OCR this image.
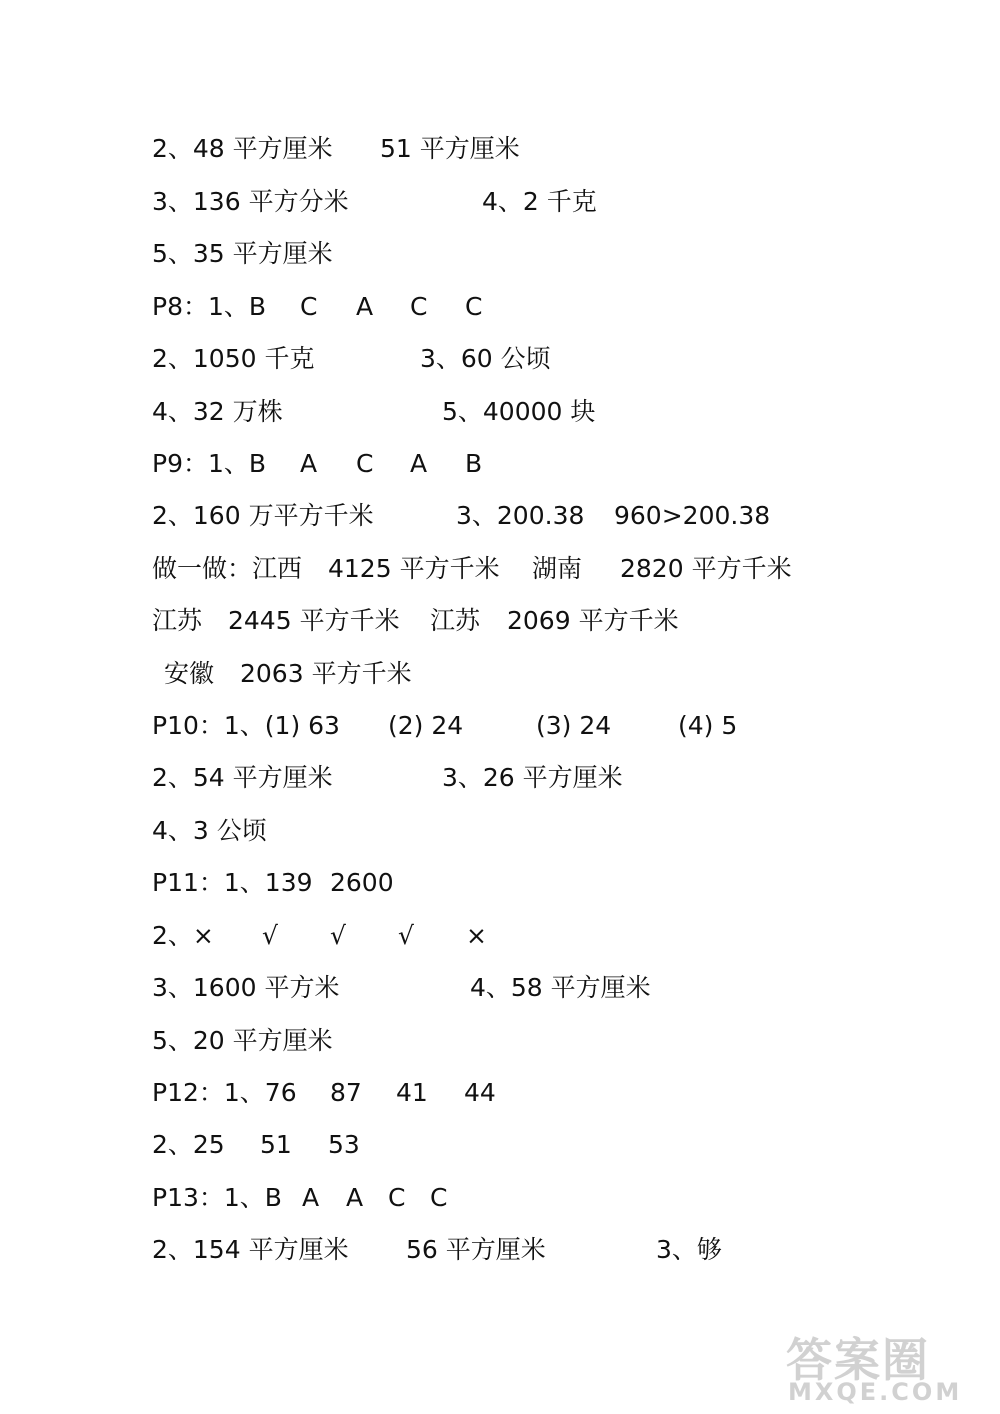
2、48 平方厘米 51 平方厘米
3、136 平方分米	4、2 千克
5、35 平方厘米
P8：1、B C A C C
2、1050 千克	3、60 公顷
4、32 万株	5、40000 块
P9：1、B A C A B
2、160 万平方千米	3、200.38 960>200.38
做一做：江西 4125 平方千米 湖南 2820 平方千米
江苏 2445 平方千米 江苏 2069 平方千米
安徽 2063 平方千米
P10：1、(1) 63 (2) 24	(3) 24	(4) 5
2、54 平方厘米	3、26 平方厘米
4、3 公顷
P11：1、139 2600
2、× √ √ √ ×
3、1600 平方米	4、58 平方厘米
5、20 平方厘米
P12：1、76 87 41 44
2、25 51 53
P13：1、B A A C C
2、154 平方厘米 56 平方厘米	3、够
答案圈
MXQE.COM
